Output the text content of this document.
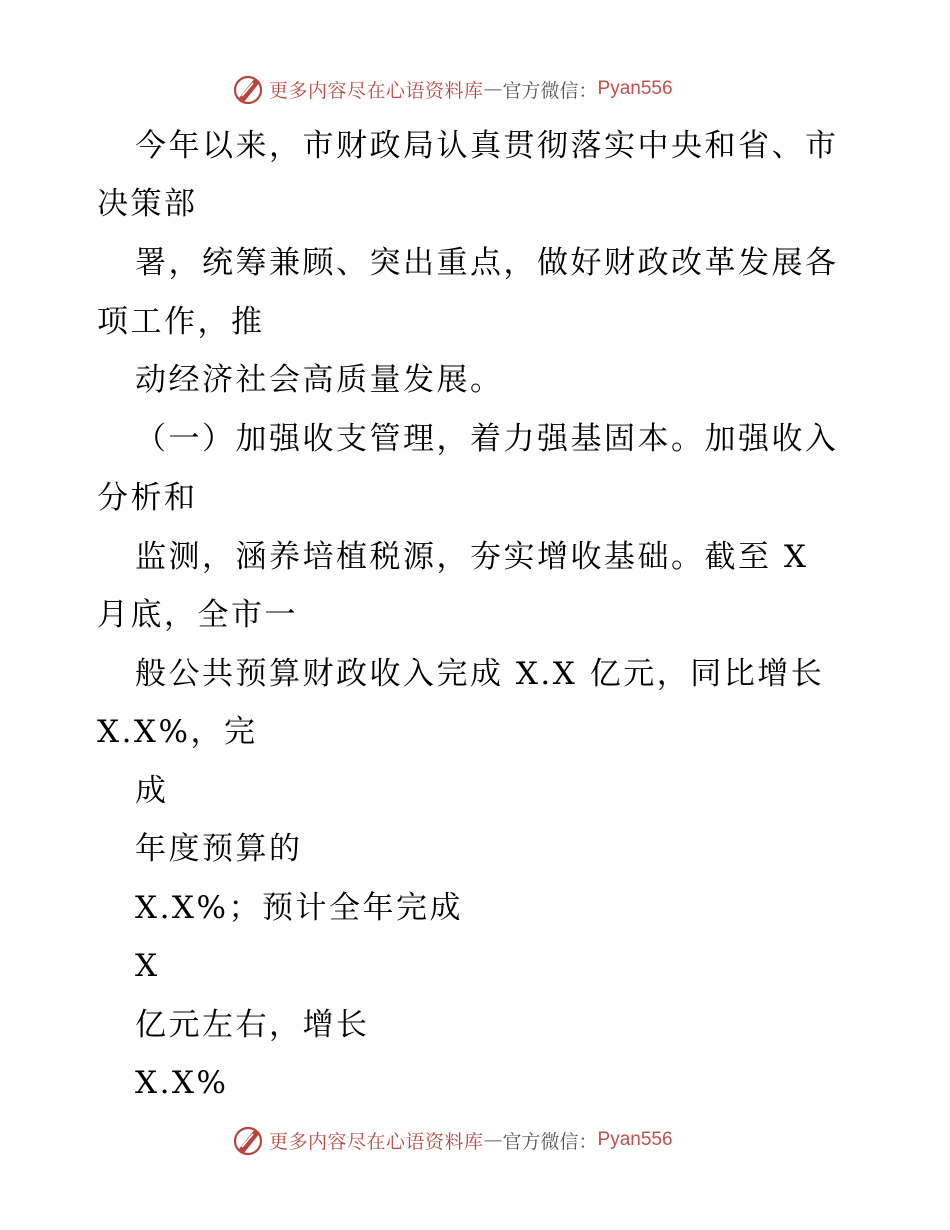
更多内容尽在心语资料库 — 官方微信： Pyan556
今年以来，市财政局认真贯彻落实中央和省、市
决策部
署，统筹兼顾、突出重点，做好财政改革发展各
项工作，推
动经济社会高质量发展。
（一）加强收支管理，着力强基固本。加强收入
分析和
监测，涵养培植税源，夯实增收基础。截至 X
月底，全市一
般公共预算财政收入完成 X.X 亿元，同比增长
X.X%，完
成
年度预算的
X.X%；预计全年完成
X
亿元左右，增长
X.X%
更多内容尽在心语资料库 — 官方微信： Pyan556
